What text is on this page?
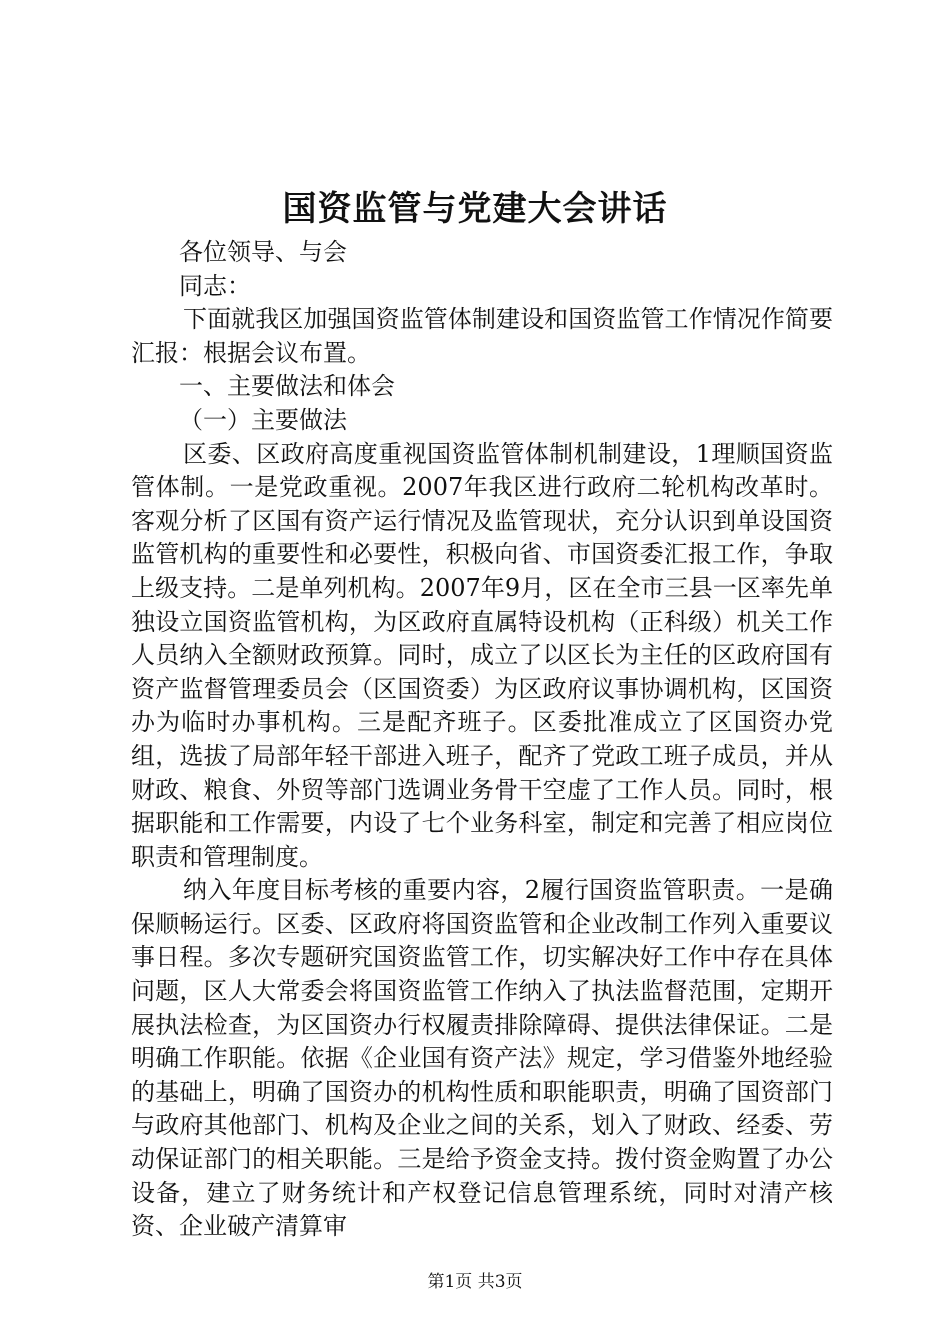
国资监管与党建大会讲话

各位领导、与会

同志：

下面就我区加强国资监管体制建设和国资监管工作情况作简要汇报：根据会议布置。

一、主要做法和体会

（一）主要做法

区委、区政府高度重视国资监管体制机制建设，1理顺国资监管体制。一是党政重视。2007年我区进行政府二轮机构改革时。客观分析了区国有资产运行情况及监管现状，充分认识到单设国资监管机构的重要性和必要性，积极向省、市国资委汇报工作，争取上级支持。二是单列机构。2007年9月，区在全市三县一区率先单独设立国资监管机构，为区政府直属特设机构（正科级）机关工作人员纳入全额财政预算。同时，成立了以区长为主任的区政府国有资产监督管理委员会（区国资委）为区政府议事协调机构，区国资办为临时办事机构。三是配齐班子。区委批准成立了区国资办党组，选拔了局部年轻干部进入班子，配齐了党政工班子成员，并从财政、粮食、外贸等部门选调业务骨干空虚了工作人员。同时，根据职能和工作需要，内设了七个业务科室，制定和完善了相应岗位职责和管理制度。

纳入年度目标考核的重要内容，2履行国资监管职责。一是确保顺畅运行。区委、区政府将国资监管和企业改制工作列入重要议事日程。多次专题研究国资监管工作，切实解决好工作中存在具体问题，区人大常委会将国资监管工作纳入了执法监督范围，定期开展执法检查，为区国资办行权履责排除障碍、提供法律保证。二是明确工作职能。依据《企业国有资产法》规定，学习借鉴外地经验的基础上，明确了国资办的机构性质和职能职责，明确了国资部门与政府其他部门、机构及企业之间的关系，划入了财政、经委、劳动保证部门的相关职能。三是给予资金支持。拨付资金购置了办公设备，建立了财务统计和产权登记信息管理系统，同时对清产核资、企业破产清算审

第1页 共3页
